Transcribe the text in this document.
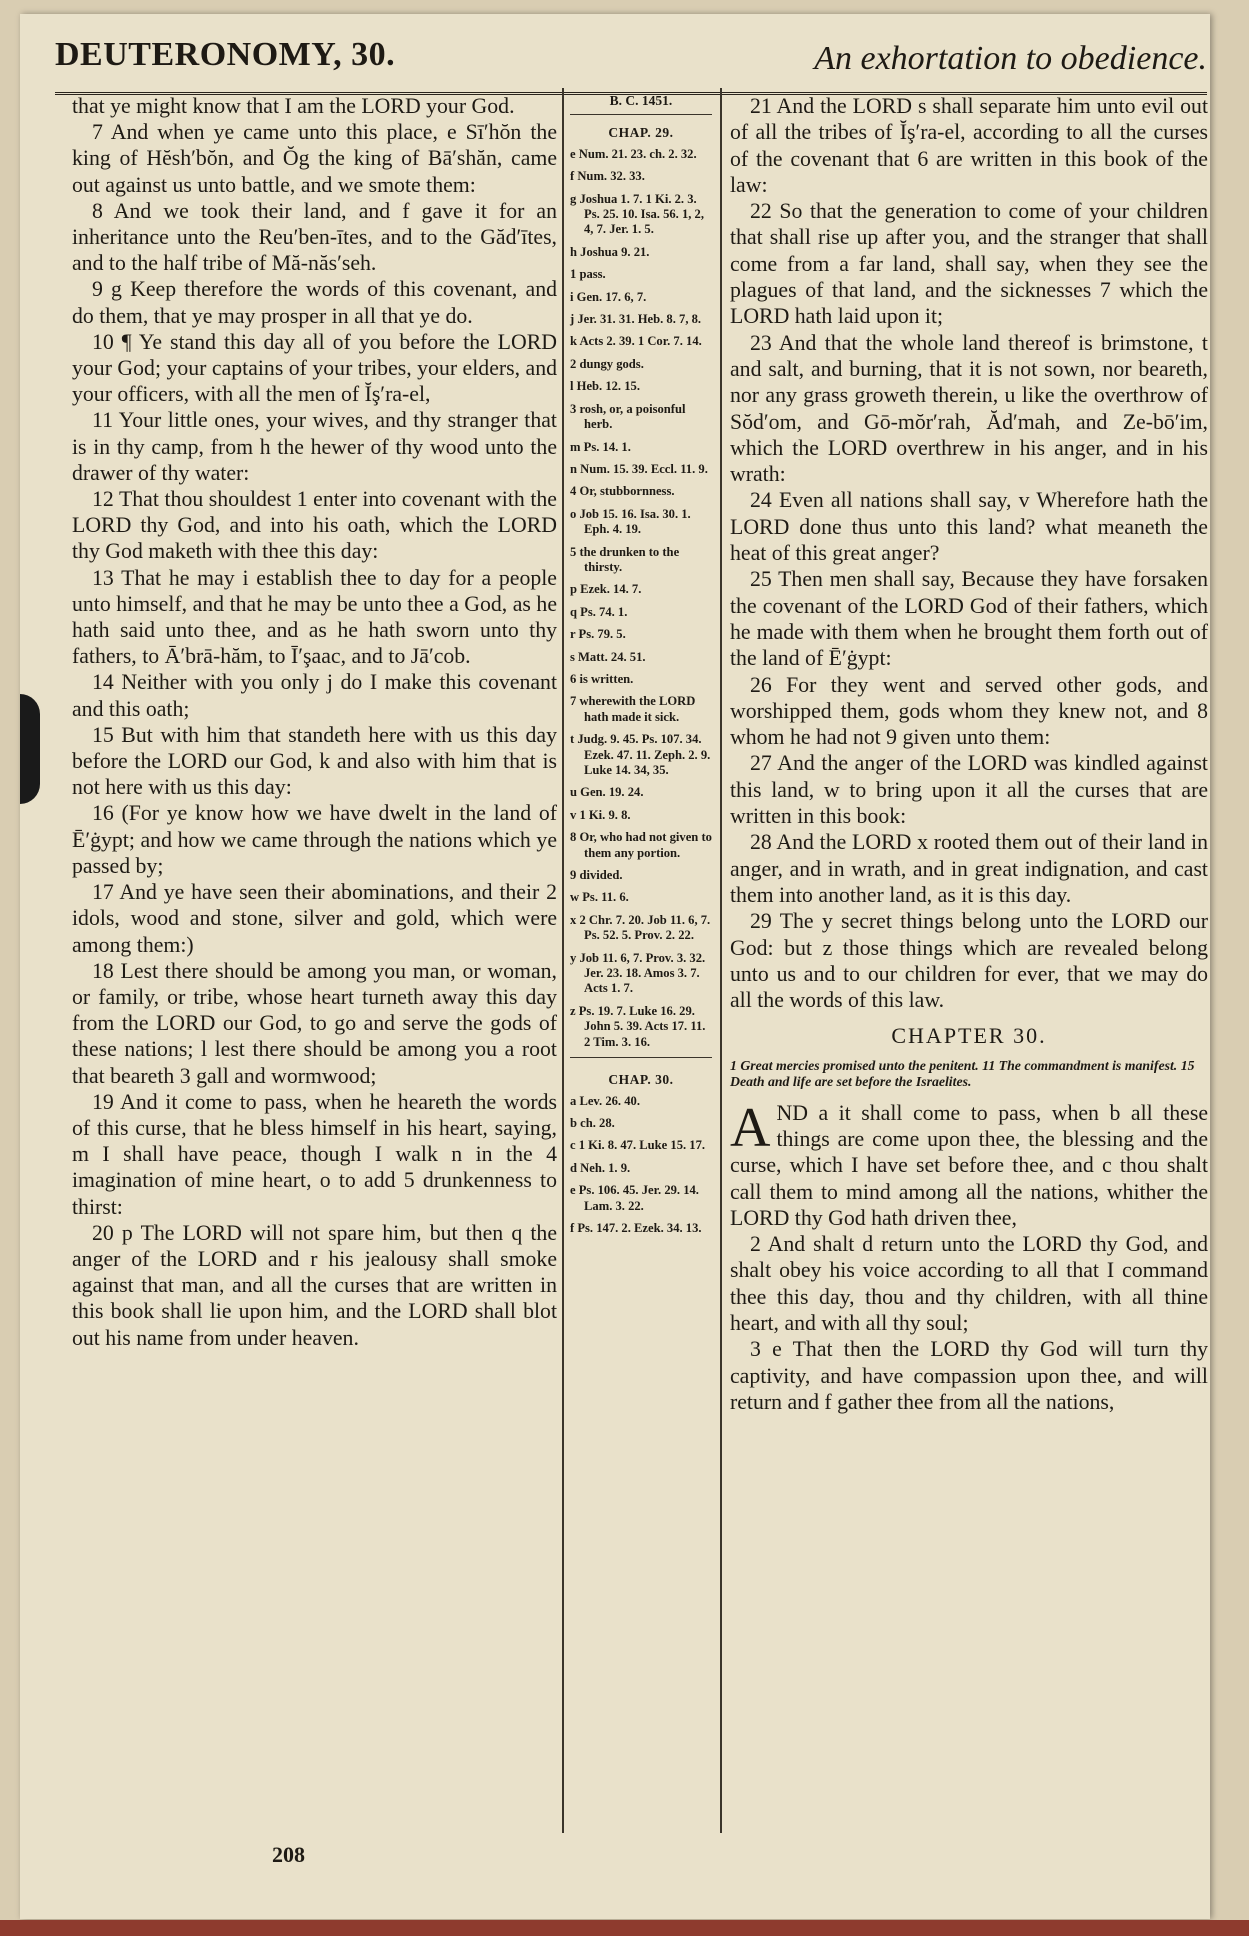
DEUTERONOMY, 30.	An exhortation to obedience.

that ye might know that I am the LORD your God.

7 And when ye came unto this place, e Sī′hŏn the king of Hĕsh′bŏn, and Ŏg the king of Bā′shăn, came out against us unto battle, and we smote them:

8 And we took their land, and f gave it for an inheritance unto the Reu′ben-ītes, and to the Găd′ītes, and to the half tribe of Mă-năs′seh.

9 g Keep therefore the words of this covenant, and do them, that ye may prosper in all that ye do.

10 ¶ Ye stand this day all of you before the LORD your God; your captains of your tribes, your elders, and your officers, with all the men of Ĭş′ra-el,

11 Your little ones, your wives, and thy stranger that is in thy camp, from h the hewer of thy wood unto the drawer of thy water:

12 That thou shouldest 1 enter into covenant with the LORD thy God, and into his oath, which the LORD thy God maketh with thee this day:

13 That he may i establish thee to day for a people unto himself, and that he may be unto thee a God, as he hath said unto thee, and as he hath sworn unto thy fathers, to Ā′brā-hăm, to Ī′şaac, and to Jā′cob.

14 Neither with you only j do I make this covenant and this oath;

15 But with him that standeth here with us this day before the LORD our God, k and also with him that is not here with us this day:

16 (For ye know how we have dwelt in the land of Ē′ġypt; and how we came through the nations which ye passed by;

17 And ye have seen their abominations, and their 2 idols, wood and stone, silver and gold, which were among them:)

18 Lest there should be among you man, or woman, or family, or tribe, whose heart turneth away this day from the LORD our God, to go and serve the gods of these nations; l lest there should be among you a root that beareth 3 gall and wormwood;

19 And it come to pass, when he heareth the words of this curse, that he bless himself in his heart, saying, m I shall have peace, though I walk n in the 4 imagination of mine heart, o to add 5 drunkenness to thirst:

20 p The LORD will not spare him, but then q the anger of the LORD and r his jealousy shall smoke against that man, and all the curses that are written in this book shall lie upon him, and the LORD shall blot out his name from under heaven.

B. C. 1451.
CHAP. 29.
e Num. 21. 23. ch. 2. 32.
f Num. 32. 33.
g Joshua 1. 7. 1 Ki. 2. 3. Ps. 25. 10. Isa. 56. 1, 2, 4, 7. Jer. 1. 5.
h Joshua 9. 21.
1 pass.
i Gen. 17. 6, 7.
j Jer. 31. 31. Heb. 8. 7, 8.
k Acts 2. 39. 1 Cor. 7. 14.
2 dungy gods.
l Heb. 12. 15.
3 rosh, or, a poisonful herb.
m Ps. 14. 1.
n Num. 15. 39. Eccl. 11. 9.
4 Or, stubbornness.
o Job 15. 16. Isa. 30. 1. Eph. 4. 19.
5 the drunken to the thirsty.
p Ezek. 14. 7.
q Ps. 74. 1.
r Ps. 79. 5.
s Matt. 24. 51.
6 is written.
7 wherewith the LORD hath made it sick.
t Judg. 9. 45. Ps. 107. 34. Ezek. 47. 11. Zeph. 2. 9. Luke 14. 34, 35.
u Gen. 19. 24.
v 1 Ki. 9. 8.
8 Or, who had not given to them any portion.
9 divided.
w Ps. 11. 6.
x 2 Chr. 7. 20. Job 11. 6, 7. Ps. 52. 5. Prov. 2. 22.
y Job 11. 6, 7. Prov. 3. 32. Jer. 23. 18. Amos 3. 7. Acts 1. 7.
z Ps. 19. 7. Luke 16. 29. John 5. 39. Acts 17. 11. 2 Tim. 3. 16.
CHAP. 30.
a Lev. 26. 40.
b ch. 28.
c 1 Ki. 8. 47. Luke 15. 17.
d Neh. 1. 9.
e Ps. 106. 45. Jer. 29. 14. Lam. 3. 22.
f Ps. 147. 2. Ezek. 34. 13.

21 And the LORD s shall separate him unto evil out of all the tribes of Ĭş′ra-el, according to all the curses of the covenant that 6 are written in this book of the law:

22 So that the generation to come of your children that shall rise up after you, and the stranger that shall come from a far land, shall say, when they see the plagues of that land, and the sicknesses 7 which the LORD hath laid upon it;

23 And that the whole land thereof is brimstone, t and salt, and burning, that it is not sown, nor beareth, nor any grass groweth therein, u like the overthrow of Sŏd′om, and Gō-mŏr′rah, Ăd′mah, and Ze-bō′im, which the LORD overthrew in his anger, and in his wrath:

24 Even all nations shall say, v Wherefore hath the LORD done thus unto this land? what meaneth the heat of this great anger?

25 Then men shall say, Because they have forsaken the covenant of the LORD God of their fathers, which he made with them when he brought them forth out of the land of Ē′ġypt:

26 For they went and served other gods, and worshipped them, gods whom they knew not, and 8 whom he had not 9 given unto them:

27 And the anger of the LORD was kindled against this land, w to bring upon it all the curses that are written in this book:

28 And the LORD x rooted them out of their land in anger, and in wrath, and in great indignation, and cast them into another land, as it is this day.

29 The y secret things belong unto the LORD our God: but z those things which are revealed belong unto us and to our children for ever, that we may do all the words of this law.

CHAPTER 30.
1 Great mercies promised unto the penitent. 11 The commandment is manifest. 15 Death and life are set before the Israelites.

AND a it shall come to pass, when b all these things are come upon thee, the blessing and the curse, which I have set before thee, and c thou shalt call them to mind among all the nations, whither the LORD thy God hath driven thee,

2 And shalt d return unto the LORD thy God, and shalt obey his voice according to all that I command thee this day, thou and thy children, with all thine heart, and with all thy soul;

3 e That then the LORD thy God will turn thy captivity, and have compassion upon thee, and will return and f gather thee from all the nations,

208
